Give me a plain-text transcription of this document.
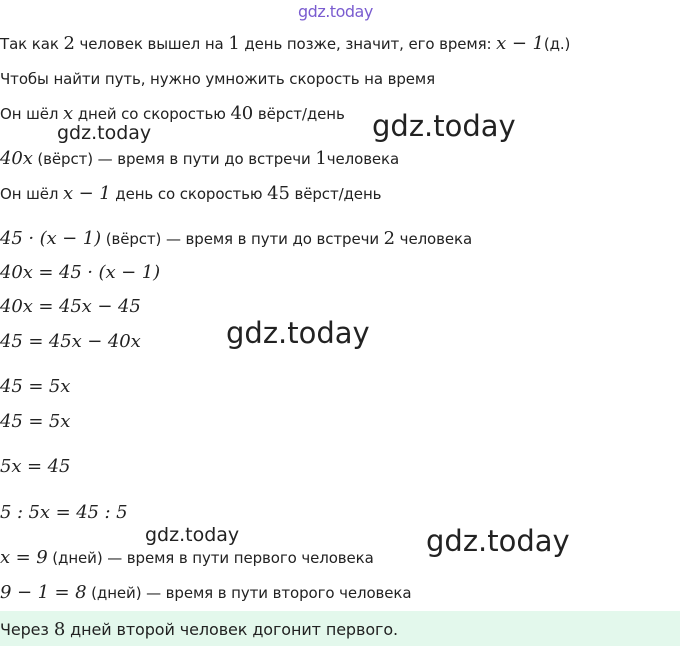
Так как 2 человек вышел на 1 день позже, значит, его время: x − 1(д.)
Чтобы найти путь, нужно умножить скорость на время
Он шёл x дней со скоростью 40 вёрст/день
40x (вёрст) — время в пути до встречи 1человека
Он шёл x − 1 день со скоростью 45 вёрст/день
45 · (x − 1) (вёрст) — время в пути до встречи 2 человека
40x = 45 · (x − 1)
40x = 45x − 45
45 = 45x − 40x
45 = 5x
45 = 5x
5x = 45
5 : 5x = 45 : 5
x = 9 (дней) — время в пути первого человека
9 − 1 = 8 (дней) — время в пути второго человека
Через 8 дней второй человек догонит первого.
gdz.today
gdz.today	gdz.today
gdz.today
gdz.today	gdz.today
